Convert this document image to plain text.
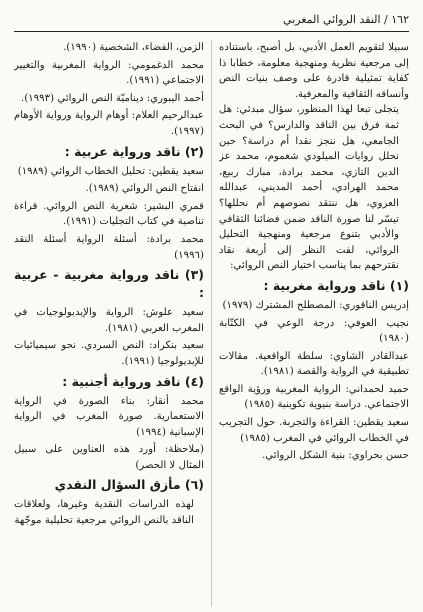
١٦٢ / النقد الروائي المغربي

سبيلا لتقويم العمل الأدبي، بل أصبح، باستناده إلى مرجعية نظرية ومنهجية معلومة، خطابا ذا كفاية تمثيلية قادرة على وصف بنيات النص وأنساقه الثقافية والمعرفية.

يتجلى تبعا لهذا المنظور، سؤال مبدئي: هل ثمة فرق بين الناقد والدارس؟ في البحث الجامعي، هل ننجز نقدا أم دراسة؟ حين نحلل روايات الميلودي شغموم، محمد عز الدين التازي، محمد برادة، مبارك ربيع، محمد الهرادي، أحمد المديني، عبدالله العروي، هل ننتقد نصوصهم أم نحللها؟ تيسّر لنا صورة الناقد ضمن فضائنا الثقافي والأدبي بتنوع مرجعية ومنهجية التحليل الروائي، لفت النظر إلى أربعة نقاد نقترحهم بما يناسب اختيار النص الروائي:

(١) ناقد ورواية مغربية :

إدريس الناقوري: المصطلح المشترك (١٩٧٩)

نجيب العوفي: درجة الوعي في الكتّابة (١٩٨٠)

عبدالقادر الشاوي: سلطة الواقعية. مقالات تطبيقية في الرواية والقصة (١٩٨١).

حميد لحمداني: الرواية المغربية ورؤية الواقع الاجتماعي. دراسة بنيوية تكوينية (١٩٨٥)

سعيد يقطين: القراءة والتجربة. حول التجريب في الخطاب الروائي في المغرب (١٩٨٥)

حسن بحراوي: بنية الشكل الروائي.

الزمن، الفضاء، الشخصية (١٩٩٠).

محمد الدغمومي: الرواية المغربية والتغيير الاجتماعي (١٩٩١).

أحمد اليبوري: ديناميّة النص الروائي (١٩٩٣).

عبدالرحيم العلام: أوهام الرواية ورواية الأوهام (١٩٩٧).

(٢) ناقد ورواية عربية :

سعيد يقطين: تحليل الخطاب الروائي (١٩٨٩)

انفتاح النص الروائي (١٩٨٩).

قمري البشير: شعرية النص الروائي. قراءة تناصية في كتاب التجليات (١٩٩١).

محمد برادة: أسئلة الرواية أسئلة النقد (١٩٩٦)

(٣) ناقد ورواية مغربية - عربية :

سعيد علوش: الرواية والإيديولوجيات في المغرب العربي (١٩٨١).

سعيد بنكراد: النص السردي. نحو سيميائيات للإيديولوجيا (١٩٩١).

(٤) ناقد ورواية أجنبية :

محمد أنقار: بناء الصورة في الرواية الاستعمارية. صورة المغرب في الرواية الإسبانية (١٩٩٤)

(ملاحظة: أورد هذه العناوين على سبيل المثال لا الحصر)

(٦) مأزق السؤال النقدي

لهذه الدراسات النقدية وغيرها، ولعلاقات الناقد بالنص الروائي مرجعية تحليلية موجّهة
